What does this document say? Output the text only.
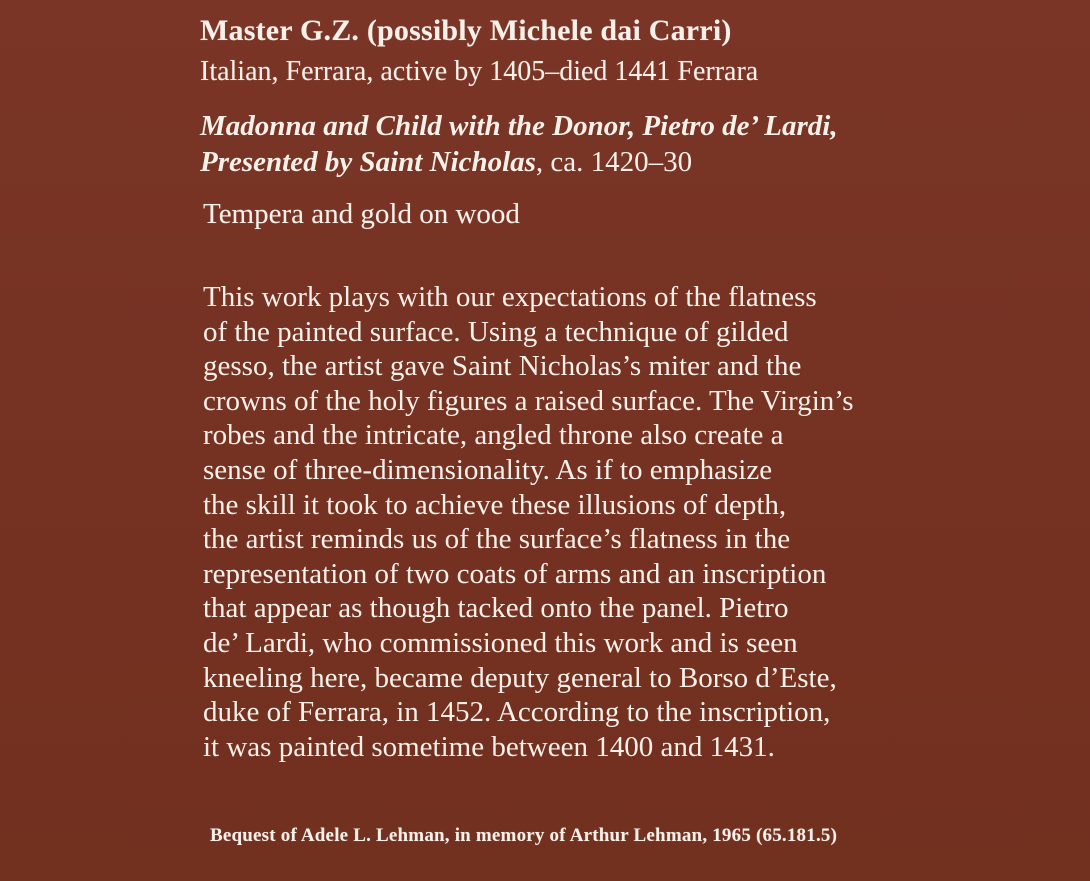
Master G.Z. (possibly Michele dai Carri)
Italian, Ferrara, active by 1405–died 1441 Ferrara
Madonna and Child with the Donor, Pietro de’ Lardi,
Presented by Saint Nicholas, ca. 1420–30
Tempera and gold on wood
This work plays with our expectations of the flatness
of the painted surface. Using a technique of gilded
gesso, the artist gave Saint Nicholas’s miter and the
crowns of the holy figures a raised surface. The Virgin’s
robes and the intricate, angled throne also create a
sense of three-dimensionality. As if to emphasize
the skill it took to achieve these illusions of depth,
the artist reminds us of the surface’s flatness in the
representation of two coats of arms and an inscription
that appear as though tacked onto the panel. Pietro
de’ Lardi, who commissioned this work and is seen
kneeling here, became deputy general to Borso d’Este,
duke of Ferrara, in 1452. According to the inscription,
it was painted sometime between 1400 and 1431.
Bequest of Adele L. Lehman, in memory of Arthur Lehman, 1965 (65.181.5)
